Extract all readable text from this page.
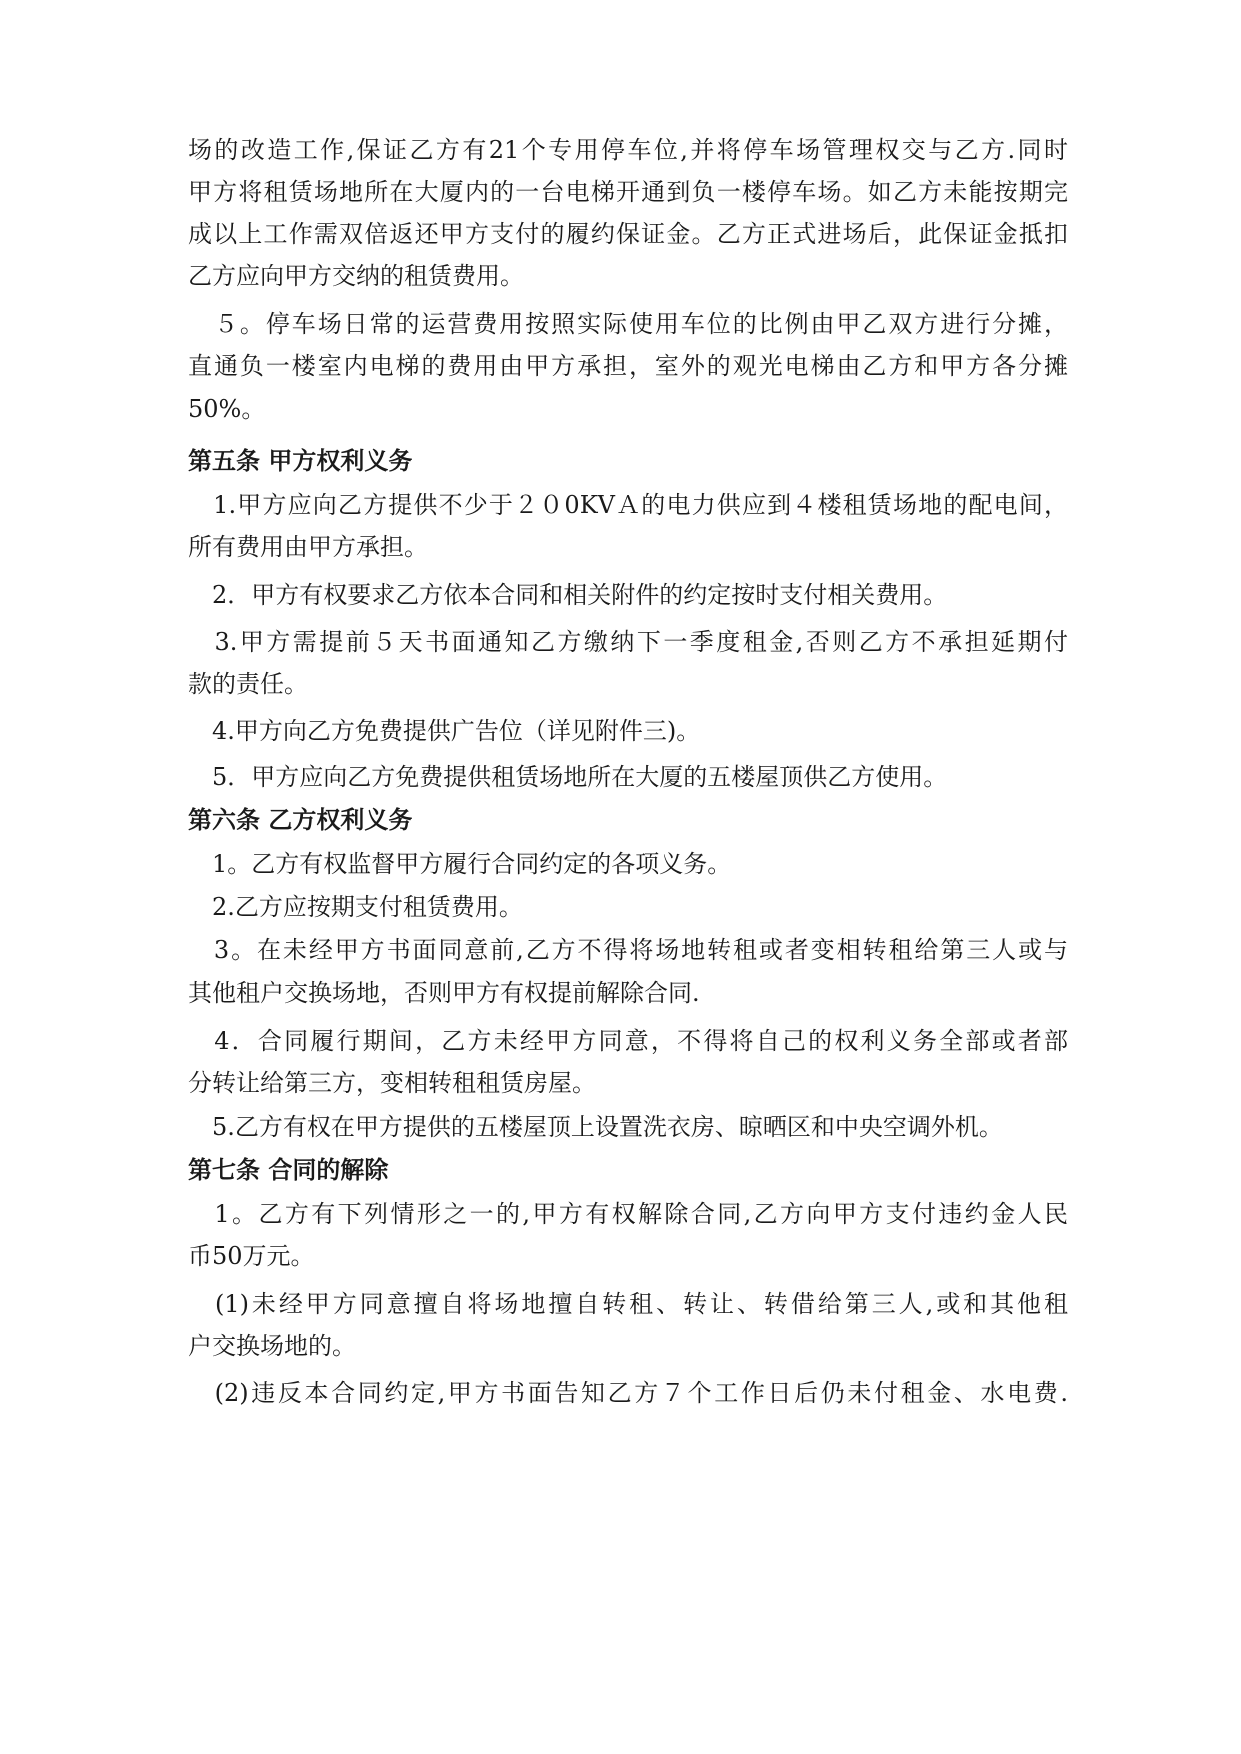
场的改造工作,保证乙方有21个专用停车位,并将停车场管理权交与乙方.同时
甲方将租赁场地所在大厦内的一台电梯开通到负一楼停车场。如乙方未能按期完
成以上工作需双倍返还甲方支付的履约保证金。乙方正式进场后，此保证金抵扣
乙方应向甲方交纳的租赁费用。
　５。停车场日常的运营费用按照实际使用车位的比例由甲乙双方进行分摊，
直通负一楼室内电梯的费用由甲方承担，室外的观光电梯由乙方和甲方各分摊
50%。
第五条 甲方权利义务
　1.甲方应向乙方提供不少于２０0KVＡ的电力供应到４楼租赁场地的配电间，
所有费用由甲方承担。
　2．甲方有权要求乙方依本合同和相关附件的约定按时支付相关费用。
　3.甲方需提前５天书面通知乙方缴纳下一季度租金,否则乙方不承担延期付
款的责任。
　4.甲方向乙方免费提供广告位（详见附件三)。
　5．甲方应向乙方免费提供租赁场地所在大厦的五楼屋顶供乙方使用。
第六条 乙方权利义务
　1。乙方有权监督甲方履行合同约定的各项义务。
　2.乙方应按期支付租赁费用。
　3。在未经甲方书面同意前,乙方不得将场地转租或者变相转租给第三人或与
其他租户交换场地，否则甲方有权提前解除合同.
　4．合同履行期间，乙方未经甲方同意，不得将自己的权利义务全部或者部
分转让给第三方，变相转租租赁房屋。
　5.乙方有权在甲方提供的五楼屋顶上设置洗衣房、晾晒区和中央空调外机。
第七条 合同的解除
　1。乙方有下列情形之一的,甲方有权解除合同,乙方向甲方支付违约金人民
币50万元。
　(1)未经甲方同意擅自将场地擅自转租、转让、转借给第三人,或和其他租
户交换场地的。
　(2)违反本合同约定,甲方书面告知乙方７个工作日后仍未付租金、水电费.
